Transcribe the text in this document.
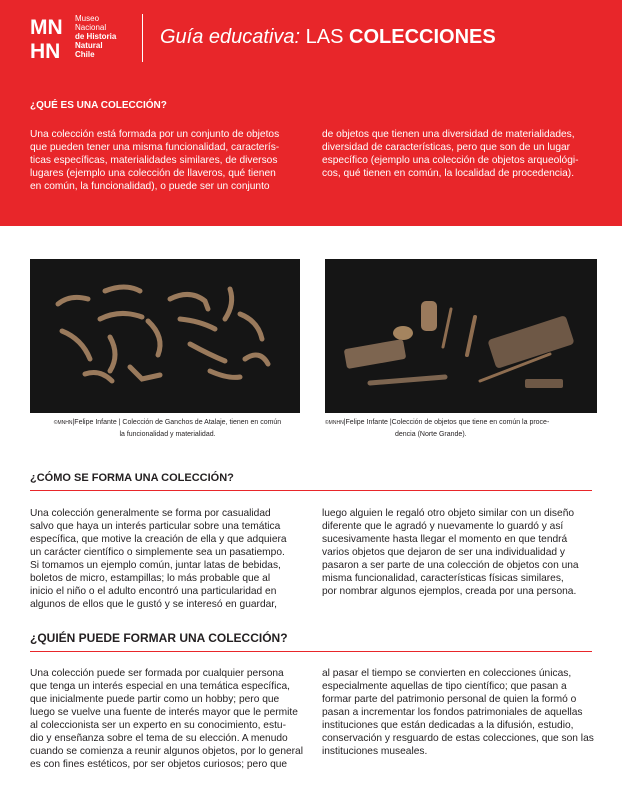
MN
HN
Museo
Nacional
de Historia
Natural
Chile
Guía educativa: LAS COLECCIONES
¿QUÉ ES UNA COLECCIÓN?
Una colección está formada por un conjunto de objetos
que pueden tener una misma funcionalidad, caracterís-
ticas específicas, materialidades similares, de diversos
lugares (ejemplo una colección de llaveros, qué tienen
en común, la funcionalidad), o puede ser un conjunto
de objetos que tienen una diversidad de materialidades,
diversidad de características, pero que son de un lugar
específico (ejemplo una colección de objetos arqueológi-
cos, qué tienen en común, la localidad de procedencia).
©MNHN|Felipe Infante | Colección de Ganchos de Atalaje, tienen en común
la funcionalidad y materialidad.
©MNHN|Felipe Infante |Colección de objetos que tiene en común la proce-
dencia (Norte Grande).
¿CÓMO SE FORMA UNA COLECCIÓN?
Una colección generalmente se forma por casualidad
salvo que haya un interés particular sobre una temática
específica, que motive la creación de ella y que adquiera
un carácter científico o simplemente sea un pasatiempo.
Si tomamos un ejemplo común, juntar latas de bebidas,
boletos de micro, estampillas; lo más probable que al
inicio el niño o el adulto encontró una particularidad en
algunos de ellos que le gustó y se interesó en guardar,
luego alguien le regaló otro objeto similar con un diseño
diferente que le agradó y nuevamente lo guardó y así
sucesivamente hasta llegar el momento en que tendrá
varios objetos que dejaron de ser una individualidad y
pasaron a ser parte de una colección de objetos con una
misma funcionalidad, características físicas similares,
por nombrar algunos ejemplos, creada por una persona.
¿QUIÉN PUEDE FORMAR UNA COLECCIÓN?
Una colección puede ser formada por cualquier persona
que tenga un interés especial en una temática específica,
que inicialmente puede partir como un hobby; pero que
luego se vuelve una fuente de interés mayor que le permite
al coleccionista ser un experto en su conocimiento, estu-
dio y enseñanza sobre el tema de su elección. A menudo
cuando se comienza a reunir algunos objetos, por lo general
es con fines estéticos, por ser objetos curiosos; pero que
al pasar el tiempo se convierten en colecciones únicas,
especialmente aquellas de tipo científico; que pasan a
formar parte del patrimonio personal de quien la formó o
pasan a incrementar los fondos patrimoniales de aquellas
instituciones que están dedicadas a la difusión, estudio,
conservación y resguardo de estas colecciones, que son las
instituciones museales.
